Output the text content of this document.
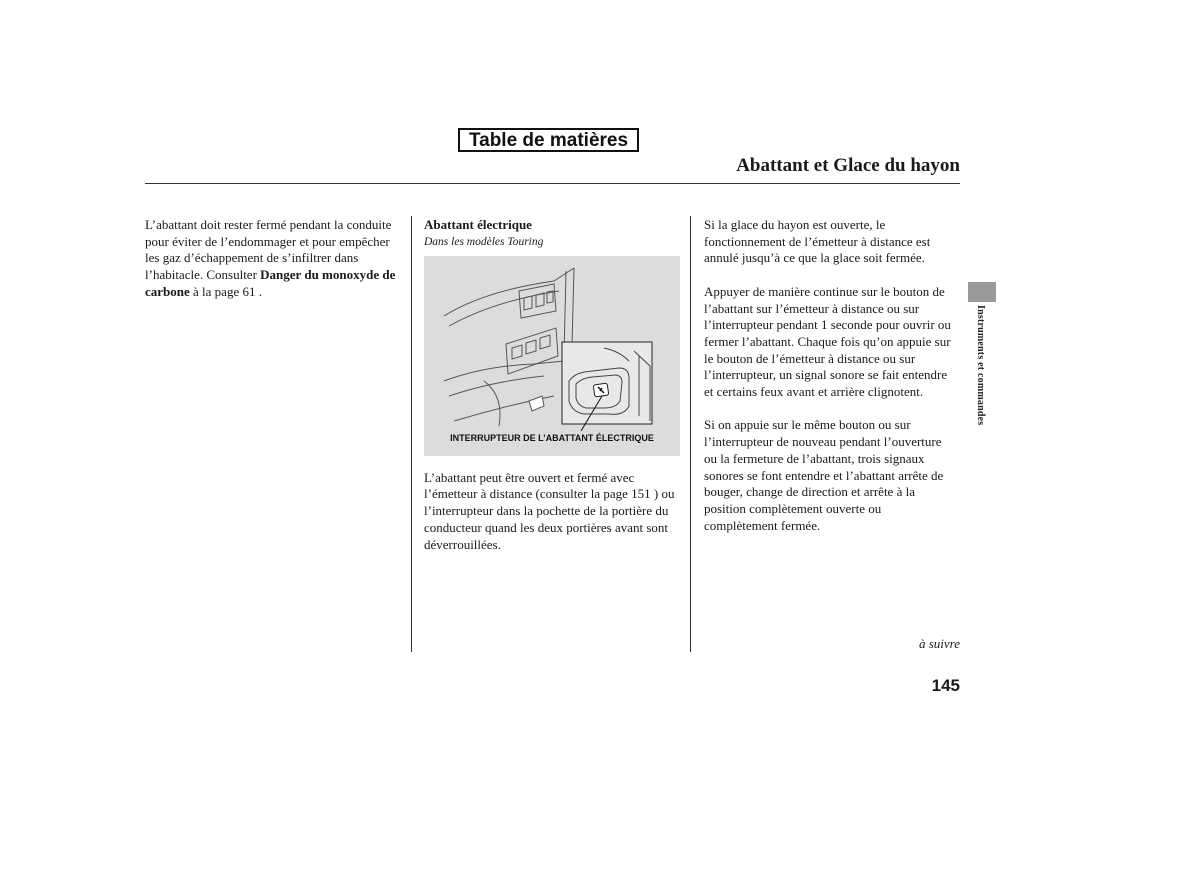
Table de matières
Abattant et Glace du hayon

L’abattant doit rester fermé pendant la conduite pour éviter de l’endommager et pour empêcher les gaz d’échappement de s’infiltrer dans l’habitacle. Consulter Danger du monoxyde de carbone à la page 61 .

Abattant électrique

Dans les modèles Touring

INTERRUPTEUR DE L’ABATTANT ÉLECTRIQUE

L’abattant peut être ouvert et fermé avec l’émetteur à distance (consulter la page 151 ) ou l’interrupteur dans la pochette de la portière du conducteur quand les deux portières avant sont déverrouillées.

Si la glace du hayon est ouverte, le fonctionnement de l’émetteur à distance est annulé jusqu’à ce que la glace soit fermée.

Appuyer de manière continue sur le bouton de l’abattant sur l’émetteur à distance ou sur l’interrupteur pendant 1 seconde pour ouvrir ou fermer l’abattant. Chaque fois qu’on appuie sur le bouton de l’émetteur à distance ou sur l’interrupteur, un signal sonore se fait entendre et certains feux avant et arrière clignotent.

Si on appuie sur le même bouton ou sur l’interrupteur de nouveau pendant l’ouverture ou la fermeture de l’abattant, trois signaux sonores se font entendre et l’abattant arrête de bouger, change de direction et arrête à la position complètement ouverte ou complètement fermée.

Instruments et commandes
à suivre
145
